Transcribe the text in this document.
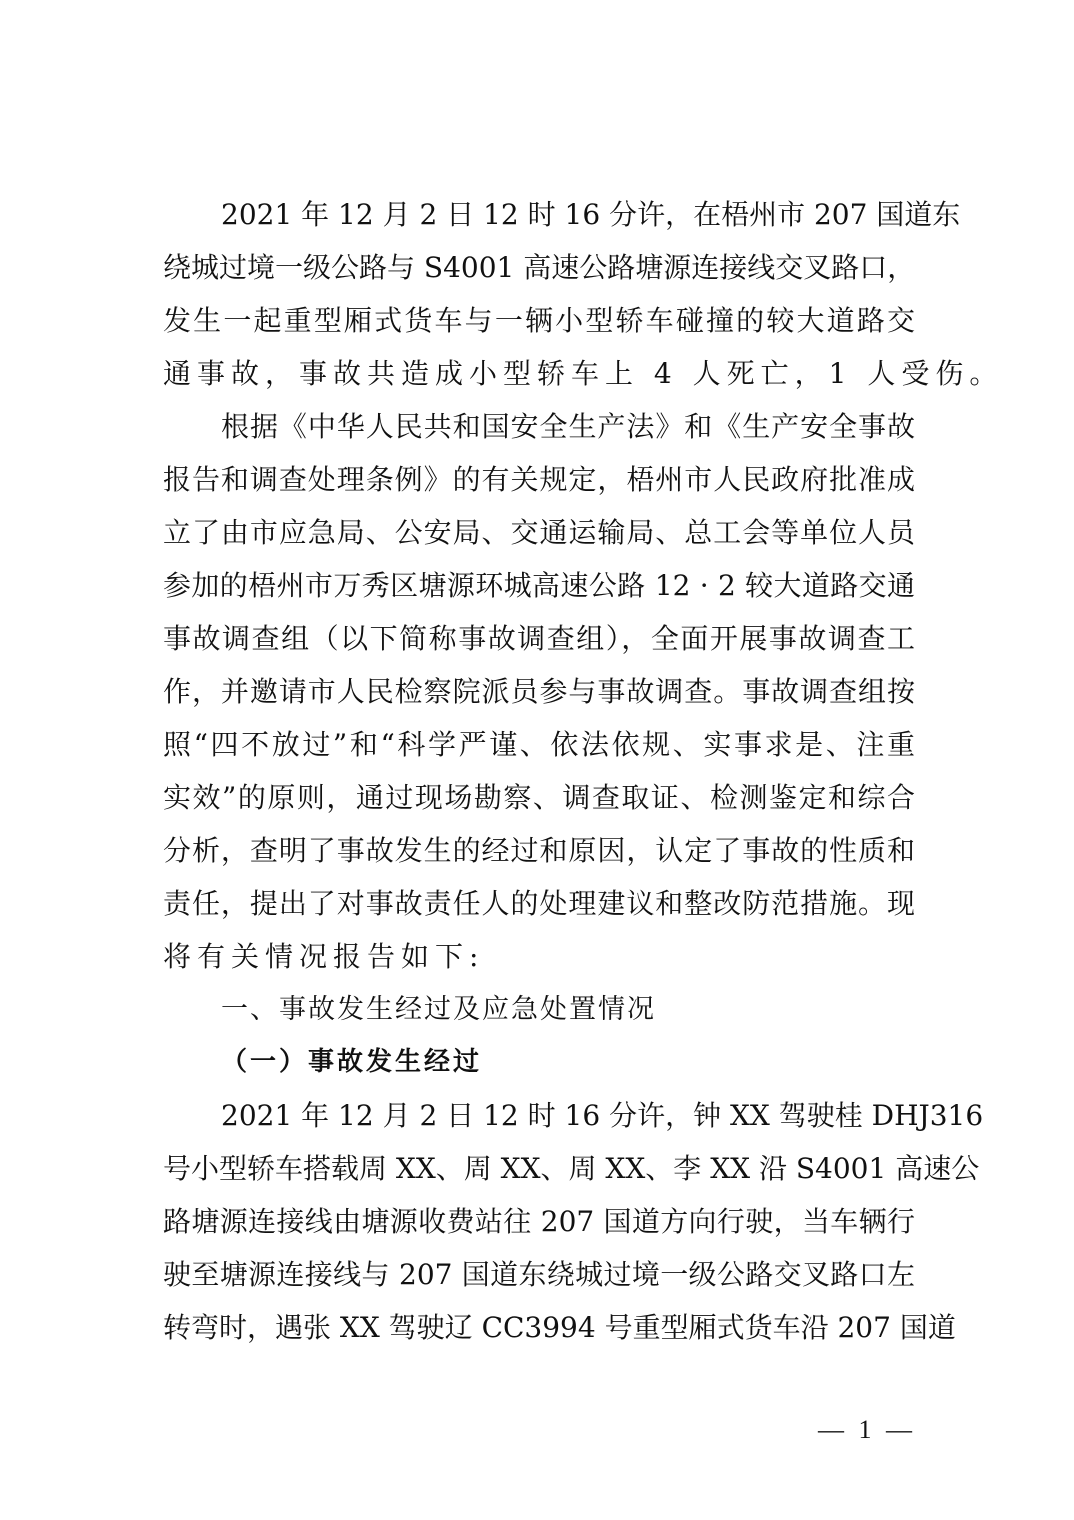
2021 年 12 月 2 日 12 时 16 分许，在梧州市 207 国道东
绕城过境一级公路与 S4001 高速公路塘源连接线交叉路口，
发生一起重型厢式货车与一辆小型轿车碰撞的较大道路交
通事故，事故共造成小型轿车上 4 人死亡，1 人受伤。
根据《中华人民共和国安全生产法》和《生产安全事故
报告和调查处理条例》的有关规定，梧州市人民政府批准成
立了由市应急局、公安局、交通运输局、总工会等单位人员
参加的梧州市万秀区塘源环城高速公路 12 · 2 较大道路交通
事故调查组（以下简称事故调查组），全面开展事故调查工
作，并邀请市人民检察院派员参与事故调查。事故调查组按
照“四不放过”和“科学严谨、依法依规、实事求是、注重
实效”的原则，通过现场勘察、调查取证、检测鉴定和综合
分析，查明了事故发生的经过和原因，认定了事故的性质和
责任，提出了对事故责任人的处理建议和整改防范措施。现
将有关情况报告如下:
一、事故发生经过及应急处置情况
（一）事故发生经过
2021 年 12 月 2 日 12 时 16 分许，钟 XX 驾驶桂 DHJ316
号小型轿车搭载周 XX、周 XX、周 XX、李 XX 沿 S4001 高速公
路塘源连接线由塘源收费站往 207 国道方向行驶，当车辆行
驶至塘源连接线与 207 国道东绕城过境一级公路交叉路口左
转弯时，遇张 XX 驾驶辽 CC3994 号重型厢式货车沿 207 国道
— 1 —
